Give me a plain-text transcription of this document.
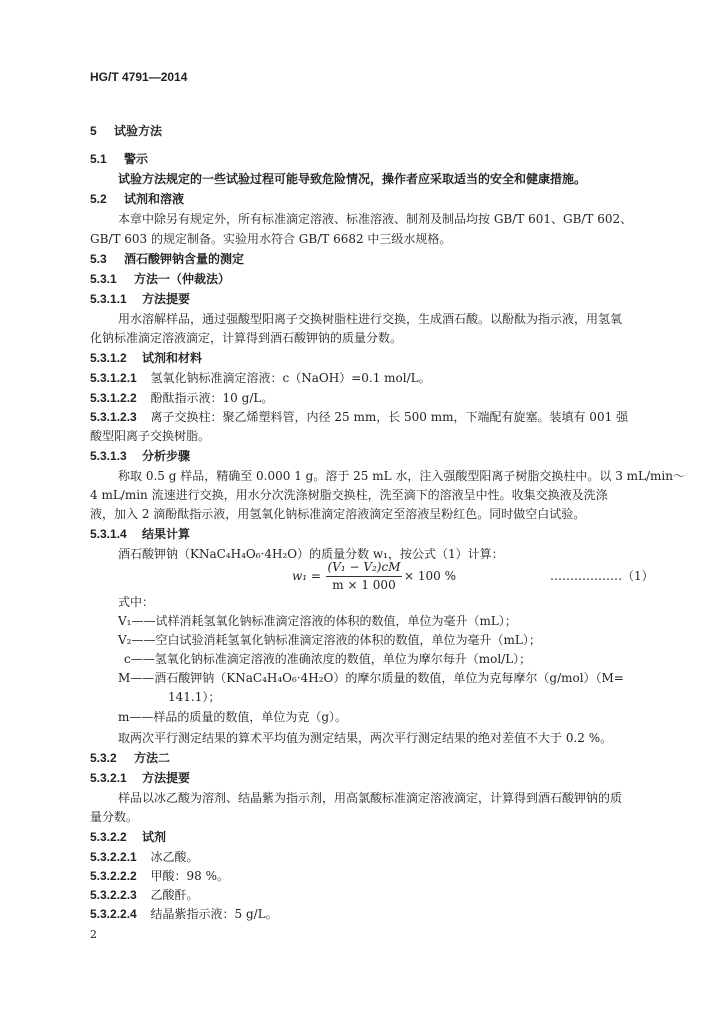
HG/T 4791—2014
5 试验方法
5.1 警示
试验方法规定的一些试验过程可能导致危险情况，操作者应采取适当的安全和健康措施。
5.2 试剂和溶液
本章中除另有规定外，所有标准滴定溶液、标准溶液、制剂及制品均按 GB/T 601、GB/T 602、
GB/T 603 的规定制备。实验用水符合 GB/T 6682 中三级水规格。
5.3 酒石酸钾钠含量的测定
5.3.1 方法一（仲裁法）
5.3.1.1 方法提要
用水溶解样品，通过强酸型阳离子交换树脂柱进行交换，生成酒石酸。以酚酞为指示液，用氢氧
化钠标准滴定溶液滴定，计算得到酒石酸钾钠的质量分数。
5.3.1.2 试剂和材料
5.3.1.2.1 氢氧化钠标准滴定溶液：c（NaOH）=0.1 mol/L。
5.3.1.2.2 酚酞指示液：10 g/L。
5.3.1.2.3 离子交换柱：聚乙烯塑料管，内径 25 mm，长 500 mm，下端配有旋塞。装填有 001 强
酸型阳离子交换树脂。
5.3.1.3 分析步骤
称取 0.5 g 样品，精确至 0.000 1 g。溶于 25 mL 水，注入强酸型阳离子树脂交换柱中。以 3 mL/min～
4 mL/min 流速进行交换，用水分次洗涤树脂交换柱，洗至滴下的溶液呈中性。收集交换液及洗涤
液，加入 2 滴酚酞指示液，用氢氧化钠标准滴定溶液滴定至溶液呈粉红色。同时做空白试验。
5.3.1.4 结果计算
酒石酸钾钠（KNaC₄H₄O₆·4H₂O）的质量分数 w₁，按公式（1）计算：
w₁ =
(V₁ − V₂)cM
m × 1 000
× 100 %	………………（1）
式中：
V₁——试样消耗氢氧化钠标准滴定溶液的体积的数值，单位为毫升（mL）；
V₂——空白试验消耗氢氧化钠标准滴定溶液的体积的数值，单位为毫升（mL）；
c——氢氧化钠标准滴定溶液的准确浓度的数值，单位为摩尔每升（mol/L）；
M——酒石酸钾钠（KNaC₄H₄O₆·4H₂O）的摩尔质量的数值，单位为克每摩尔（g/mol）（M=
141.1）；
m——样品的质量的数值，单位为克（g）。
取两次平行测定结果的算术平均值为测定结果，两次平行测定结果的绝对差值不大于 0.2 %。
5.3.2 方法二
5.3.2.1 方法提要
样品以冰乙酸为溶剂、结晶紫为指示剂，用高氯酸标准滴定溶液滴定，计算得到酒石酸钾钠的质
量分数。
5.3.2.2 试剂
5.3.2.2.1 冰乙酸。
5.3.2.2.2 甲酸：98 %。
5.3.2.2.3 乙酸酐。
5.3.2.2.4 结晶紫指示液：5 g/L。
2
